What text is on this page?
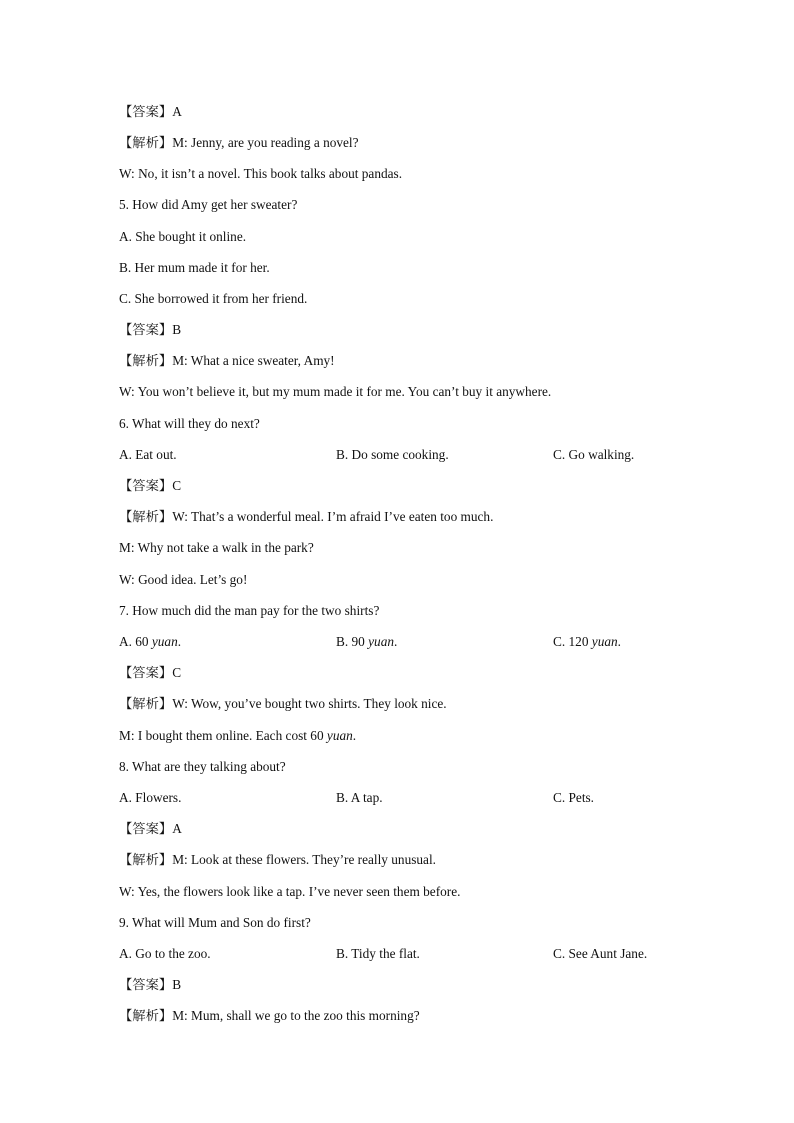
【答案】A
【解析】M: Jenny, are you reading a novel?
W: No, it isn’t a novel. This book talks about pandas.
5. How did Amy get her sweater?
A. She bought it online.
B. Her mum made it for her.
C. She borrowed it from her friend.
【答案】B
【解析】M: What a nice sweater, Amy!
W: You won’t believe it, but my mum made it for me. You can’t buy it anywhere.
6. What will they do next?
A. Eat out.	B. Do some cooking.	C. Go walking.
【答案】C
【解析】W: That’s a wonderful meal. I’m afraid I’ve eaten too much.
M: Why not take a walk in the park?
W: Good idea. Let’s go!
7. How much did the man pay for the two shirts?
A. 60 yuan.	B. 90 yuan.	C. 120 yuan.
【答案】C
【解析】W: Wow, you’ve bought two shirts. They look nice.
M: I bought them online. Each cost 60 yuan.
8. What are they talking about?
A. Flowers.	B. A tap.	C. Pets.
【答案】A
【解析】M: Look at these flowers. They’re really unusual.
W: Yes, the flowers look like a tap. I’ve never seen them before.
9. What will Mum and Son do first?
A. Go to the zoo.	B. Tidy the flat.	C. See Aunt Jane.
【答案】B
【解析】M: Mum, shall we go to the zoo this morning?
